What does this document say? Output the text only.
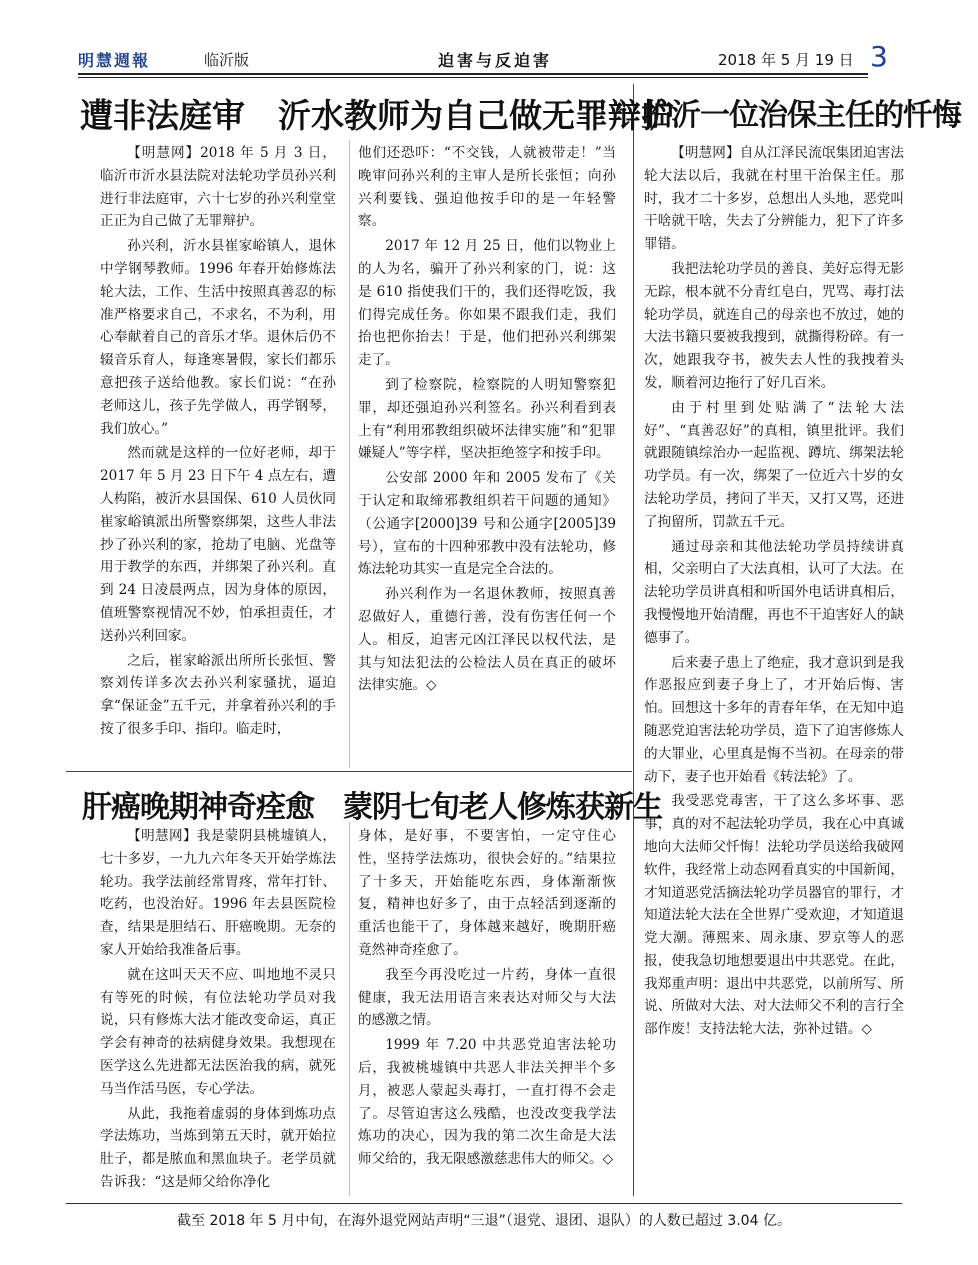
明慧週報	临沂版	迫害与反迫害	2018 年 5 月 19 日 3
遭非法庭审　沂水教师为自己做无罪辩护

【明慧网】2018 年 5 月 3 日，临沂市沂水县法院对法轮功学员孙兴利进行非法庭审，六十七岁的孙兴利堂堂正正为自己做了无罪辩护。

孙兴利，沂水县崔家峪镇人，退休中学钢琴教师。1996 年春开始修炼法轮大法，工作、生活中按照真善忍的标准严格要求自己，不求名，不为利，用心奉献着自己的音乐才华。退休后仍不辍音乐育人，每逢寒暑假，家长们都乐意把孩子送给他教。家长们说：“在孙老师这儿，孩子先学做人，再学钢琴，我们放心。”

然而就是这样的一位好老师，却于 2017 年 5 月 23 日下午 4 点左右，遭人构陷，被沂水县国保、610 人员伙同崔家峪镇派出所警察绑架，这些人非法抄了孙兴利的家，抢劫了电脑、光盘等用于教学的东西，并绑架了孙兴利。直到 24 日凌晨两点，因为身体的原因，值班警察视情况不妙，怕承担责任，才送孙兴利回家。

之后，崔家峪派出所所长张恒、警察刘传详多次去孙兴利家骚扰，逼迫拿“保证金”五千元，并拿着孙兴利的手按了很多手印、指印。临走时，

他们还恐吓：“不交钱，人就被带走！”当晚审问孙兴利的主审人是所长张恒；向孙兴利要钱、强迫他按手印的是一年轻警察。

2017 年 12 月 25 日，他们以物业上的人为名，骗开了孙兴利家的门，说：这是 610 指使我们干的，我们还得吃饭，我们得完成任务。你如果不跟我们走，我们抬也把你抬去！于是，他们把孙兴利绑架走了。

到了检察院，检察院的人明知警察犯罪，却还强迫孙兴利签名。孙兴利看到表上有“利用邪教组织破坏法律实施”和“犯罪嫌疑人”等字样，坚决拒绝签字和按手印。

公安部 2000 年和 2005 发布了《关于认定和取缔邪教组织若干问题的通知》（公通字[2000]39 号和公通字[2005]39 号），宣布的十四种邪教中没有法轮功，修炼法轮功其实一直是完全合法的。

孙兴利作为一名退休教师，按照真善忍做好人，重德行善，没有伤害任何一个人。相反，迫害元凶江泽民以权代法，是其与知法犯法的公检法人员在真正的破坏法律实施。◇

临沂一位治保主任的忏悔

【明慧网】自从江泽民流氓集团迫害法轮大法以后，我就在村里干治保主任。那时，我才二十多岁，总想出人头地，恶党叫干啥就干啥，失去了分辨能力，犯下了许多罪错。

我把法轮功学员的善良、美好忘得无影无踪，根本就不分青红皂白，咒骂、毒打法轮功学员，就连自己的母亲也不放过，她的大法书籍只要被我搜到，就撕得粉碎。有一次，她跟我夺书，被失去人性的我拽着头发，顺着河边拖行了好几百米。

由于村里到处贴满了“法轮大法好”、“真善忍好”的真相，镇里批评。我们就跟随镇综治办一起监视、蹲坑、绑架法轮功学员。有一次，绑架了一位近六十岁的女法轮功学员，拷问了半天，又打又骂，还进了拘留所，罚款五千元。

通过母亲和其他法轮功学员持续讲真相，父亲明白了大法真相，认可了大法。在法轮功学员讲真相和听国外电话讲真相后，我慢慢地开始清醒，再也不干迫害好人的缺德事了。

后来妻子患上了绝症，我才意识到是我作恶报应到妻子身上了，才开始后悔、害怕。回想这十多年的青春年华，在无知中追随恶党迫害法轮功学员，造下了迫害修炼人的大罪业，心里真是悔不当初。在母亲的带动下，妻子也开始看《转法轮》了。

我受恶党毒害，干了这么多坏事、恶事，真的对不起法轮功学员，我在心中真诚地向大法师父忏悔！法轮功学员送给我破网软件，我经常上动态网看真实的中国新闻，才知道恶党活摘法轮功学员器官的罪行，才知道法轮大法在全世界广受欢迎，才知道退党大潮。薄熙来、周永康、罗京等人的恶报，使我急切地想要退出中共恶党。在此，我郑重声明：退出中共恶党，以前所写、所说、所做对大法、对大法师父不利的言行全部作废！支持法轮大法，弥补过错。◇

肝癌晚期神奇痊愈　蒙阴七旬老人修炼获新生

【明慧网】我是蒙阴县桃墟镇人，七十多岁，一九九六年冬天开始学炼法轮功。我学法前经常胃疼，常年打针、吃药，也没治好。1996 年去县医院检查，结果是胆结石、肝癌晚期。无奈的家人开始给我准备后事。

就在这叫天天不应、叫地地不灵只有等死的时候，有位法轮功学员对我说，只有修炼大法才能改变命运，真正学会有神奇的祛病健身效果。我想现在医学这么先进都无法医治我的病，就死马当作活马医，专心学法。

从此，我拖着虚弱的身体到炼功点学法炼功，当炼到第五天时，就开始拉肚子，都是脓血和黑血块子。老学员就告诉我：“这是师父给你净化

身体，是好事，不要害怕，一定守住心性，坚持学法炼功，很快会好的。”结果拉了十多天，开始能吃东西，身体渐渐恢复，精神也好多了，由于点轻活到逐渐的重活也能干了，身体越来越好，晚期肝癌竟然神奇痊愈了。

我至今再没吃过一片药，身体一直很健康，我无法用语言来表达对师父与大法的感激之情。

1999 年 7.20 中共恶党迫害法轮功后，我被桃墟镇中共恶人非法关押半个多月，被恶人蒙起头毒打，一直打得不会走了。尽管迫害这么残酷，也没改变我学法炼功的决心，因为我的第二次生命是大法师父给的，我无限感激慈悲伟大的师父。◇

截至 2018 年 5 月中旬，在海外退党网站声明“三退”（退党、退团、退队）的人数已超过 3.04 亿。
